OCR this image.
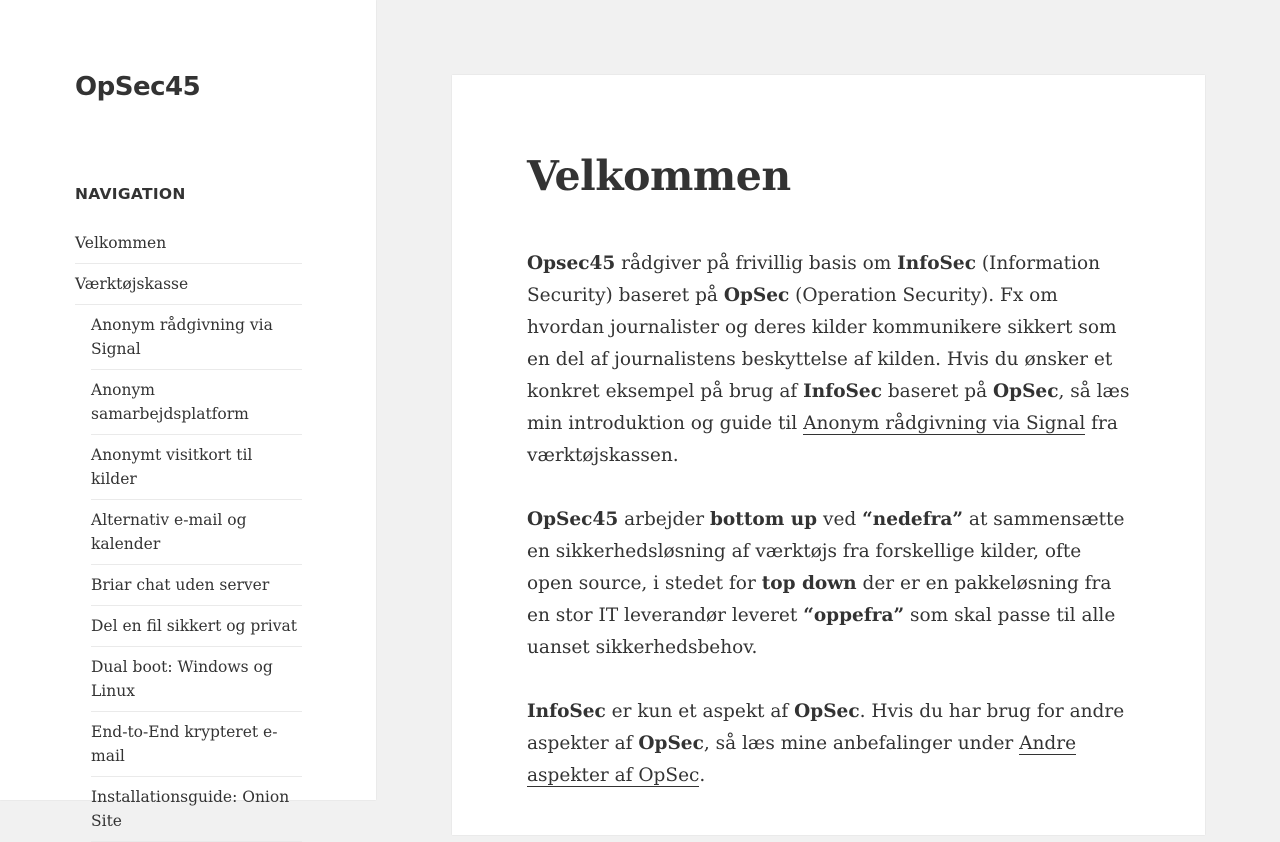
OpSec45
NAVIGATION
Velkommen
Værktøjskasse
Anonym rådgivning via Signal
Anonym samarbejdsplatform
Anonymt visitkort til kilder
Alternativ e-mail og kalender
Briar chat uden server
Del en fil sikkert og privat
Dual boot: Windows og Linux
End-to-End krypteret e-mail
Installationsguide: Onion Site
Velkommen

Opsec45 rådgiver på frivillig basis om InfoSec (Information Security) baseret på OpSec (Operation Security). Fx om hvordan journalister og deres kilder kommunikere sikkert som en del af journalistens beskyttelse af kilden. Hvis du ønsker et konkret eksempel på brug af InfoSec baseret på OpSec, så læs min introduktion og guide til Anonym rådgivning via Signal fra værktøjskassen.

OpSec45 arbejder bottom up ved “nedefra” at sammensætte en sikkerhedsløsning af værktøjs fra forskellige kilder, ofte open source, i stedet for top down der er en pakkeløsning fra en stor IT leverandør leveret “oppefra” som skal passe til alle uanset sikkerhedsbehov.

InfoSec er kun et aspekt af OpSec. Hvis du har brug for andre aspekter af OpSec, så læs mine anbefalinger under Andre aspekter af OpSec.
